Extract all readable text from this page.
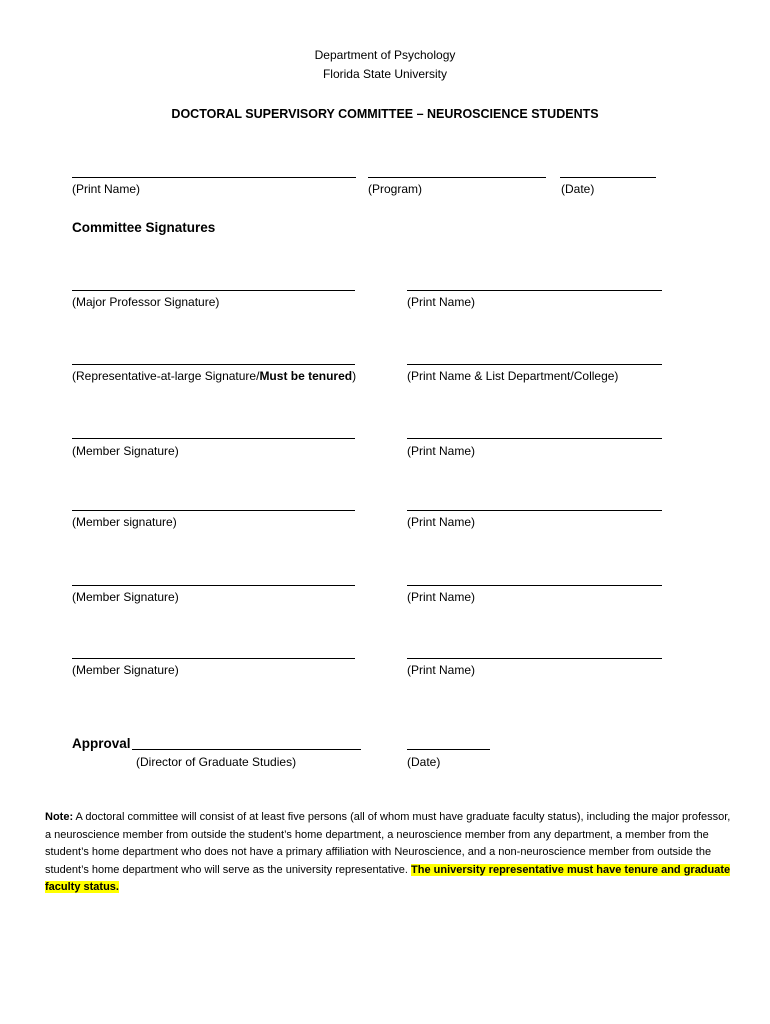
Department of Psychology
Florida State University
DOCTORAL SUPERVISORY COMMITTEE – NEUROSCIENCE STUDENTS
(Print Name)	(Program)	(Date)
Committee Signatures
(Major Professor Signature)	(Print Name)
(Representative-at-large Signature/Must be tenured)	(Print Name & List Department/College)
(Member Signature)	(Print Name)
(Member signature)	(Print Name)
(Member Signature)	(Print Name)
(Member Signature)	(Print Name)
Approval
(Director of Graduate Studies)	(Date)
Note: A doctoral committee will consist of at least five persons (all of whom must have graduate faculty status), including the major professor, a neuroscience member from outside the student’s home department, a neuroscience member from any department, a member from the student’s home department who does not have a primary affiliation with Neuroscience, and a non-neuroscience member from outside the student’s home department who will serve as the university representative. The university representative must have tenure and graduate faculty status.
